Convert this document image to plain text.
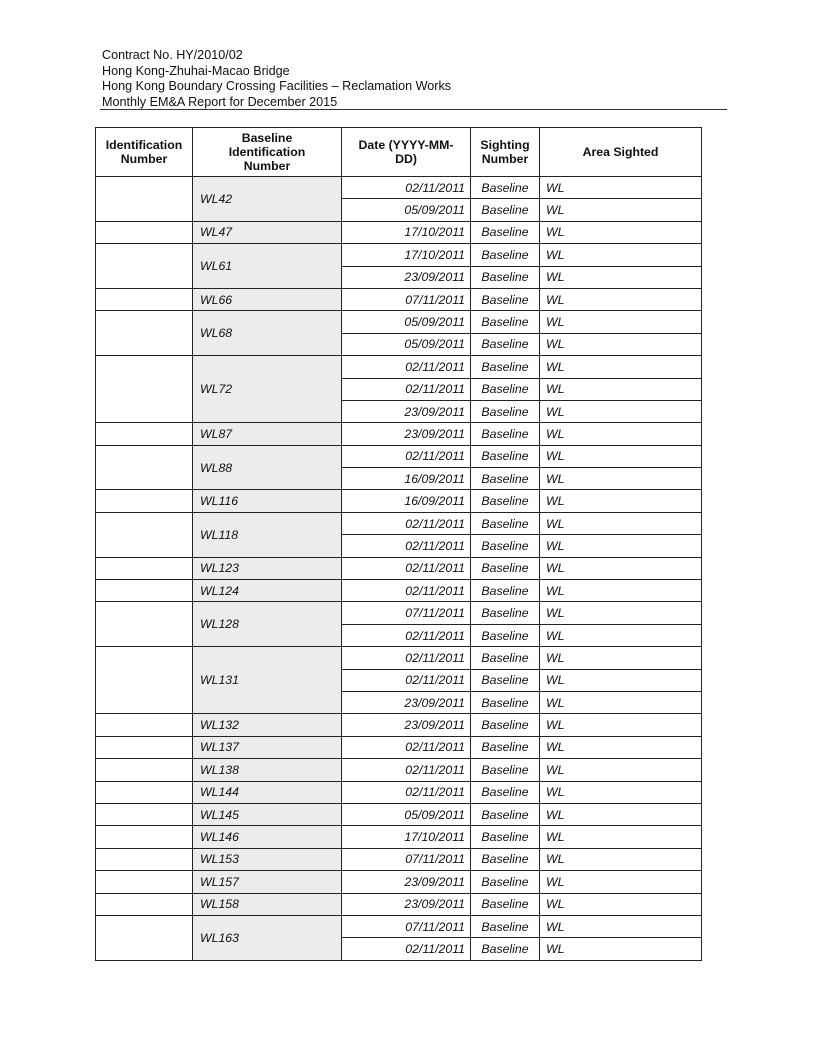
Contract No. HY/2010/02
Hong Kong-Zhuhai-Macao Bridge
Hong Kong Boundary Crossing Facilities – Reclamation Works
Monthly EM&A Report for December 2015
Identification Number	Baseline Identification Number	Date (YYYY-MM-DD)	Sighting Number	Area Sighted
	WL42	02/11/2011	Baseline	WL
		05/09/2011	Baseline	WL
	WL47	17/10/2011	Baseline	WL
	WL61	17/10/2011	Baseline	WL
		23/09/2011	Baseline	WL
	WL66	07/11/2011	Baseline	WL
	WL68	05/09/2011	Baseline	WL
		05/09/2011	Baseline	WL
	WL72	02/11/2011	Baseline	WL
		02/11/2011	Baseline	WL
		23/09/2011	Baseline	WL
	WL87	23/09/2011	Baseline	WL
	WL88	02/11/2011	Baseline	WL
		16/09/2011	Baseline	WL
	WL116	16/09/2011	Baseline	WL
	WL118	02/11/2011	Baseline	WL
		02/11/2011	Baseline	WL
	WL123	02/11/2011	Baseline	WL
	WL124	02/11/2011	Baseline	WL
	WL128	07/11/2011	Baseline	WL
		02/11/2011	Baseline	WL
	WL131	02/11/2011	Baseline	WL
		02/11/2011	Baseline	WL
		23/09/2011	Baseline	WL
	WL132	23/09/2011	Baseline	WL
	WL137	02/11/2011	Baseline	WL
	WL138	02/11/2011	Baseline	WL
	WL144	02/11/2011	Baseline	WL
	WL145	05/09/2011	Baseline	WL
	WL146	17/10/2011	Baseline	WL
	WL153	07/11/2011	Baseline	WL
	WL157	23/09/2011	Baseline	WL
	WL158	23/09/2011	Baseline	WL
	WL163	07/11/2011	Baseline	WL
		02/11/2011	Baseline	WL
